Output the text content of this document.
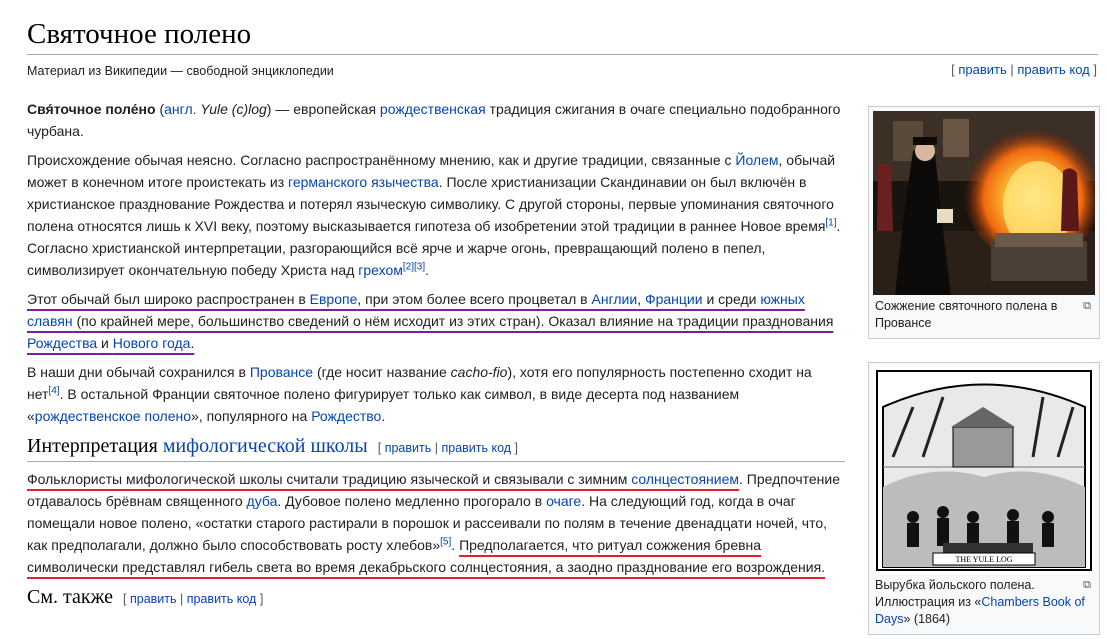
Святочное полено
Материал из Википедии — свободной энциклопедии	[ править | править код ]

Свя́точное поле́но (англ. Yule (c)log) — европейская рождественская традиция сжигания в очаге специально подобранного чурбана.

Происхождение обычая неясно. Согласно распространённому мнению, как и другие традиции, связанные с Йолем, обычай может в конечном итоге проистекать из германского язычества. После христианизации Скандинавии он был включён в христианское празднование Рождества и потерял языческую символику. С другой стороны, первые упоминания святочного полена относятся лишь к XVI веку, поэтому высказывается гипотеза об изобретении этой традиции в раннее Новое время[1]. Согласно христианской интерпретации, разгорающийся всё ярче и жарче огонь, превращающий полено в пепел, символизирует окончательную победу Христа над грехом[2][3].

Этот обычай был широко распространен в Европе, при этом более всего процветал в Англии, Франции и среди южных славян (по крайней мере, большинство сведений о нём исходит из этих стран). Оказал влияние на традиции празднования Рождества и Нового года.

В наши дни обычай сохранился в Провансе (где носит название cacho-fio), хотя его популярность постепенно сходит на нет[4]. В остальной Франции святочное полено фигурирует только как символ, в виде десерта под названием «рождественское полено», популярного на Рождество.

Интерпретация мифологической школы [ править | править код ]

Фольклористы мифологической школы считали традицию языческой и связывали с зимним солнцестоянием. Предпочтение отдавалось брёвнам священного дуба. Дубовое полено медленно прогорало в очаге. На следующий год, когда в очаг помещали новое полено, «остатки старого растирали в порошок и рассеивали по полям в течение двенадцати ночей, что, как предполагали, должно было способствовать росту хлебов»[5]. Предполагается, что ритуал сожжения бревна символически представлял гибель света во время декабрьского солнцестояния, а заодно празднование его возрождения.

См. также [ править | править код ]
⧉
Сожжение святочного полена в Провансе
THE YULE LOG
⧉
Вырубка йольского полена. Иллюстрация из «Chambers Book of Days» (1864)
